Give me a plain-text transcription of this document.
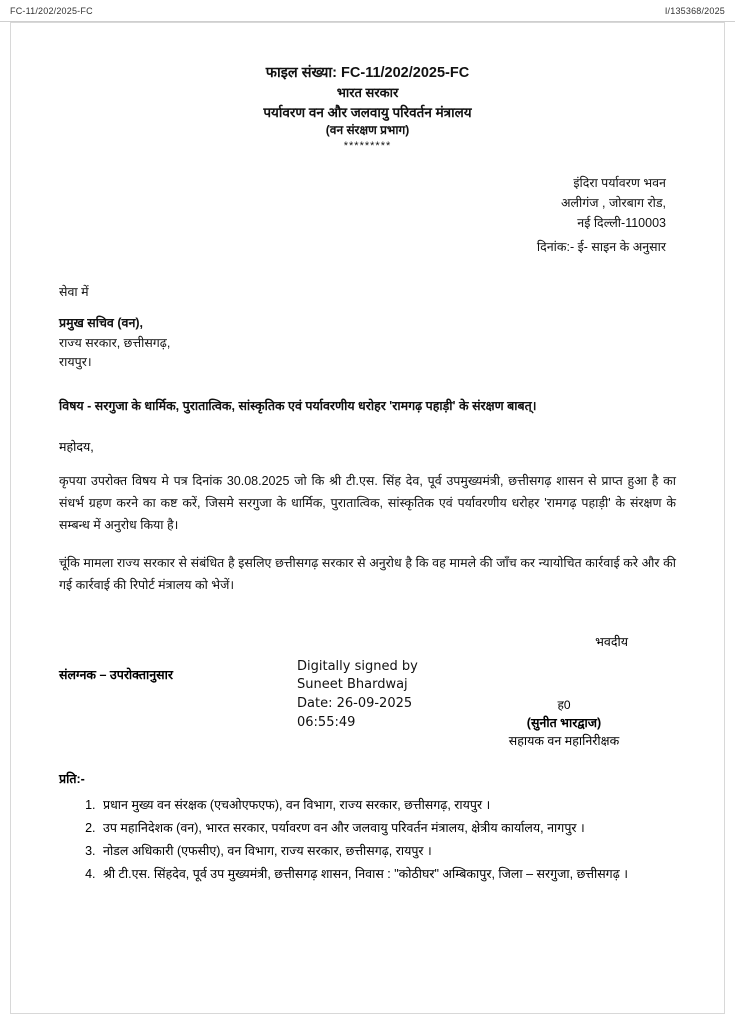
FC-11/202/2025-FC	I/135368/2025
फाइल संख्या: FC-11/202/2025-FC
भारत सरकार
पर्यावरण वन और जलवायु परिवर्तन मंत्रालय
(वन संरक्षण प्रभाग)
*********
इंदिरा पर्यावरण भवन
अलीगंज , जोरबाग रोड,
नई दिल्ली-110003
दिनांक:- ई- साइन के अनुसार
सेवा में
प्रमुख सचिव (वन),
राज्य सरकार, छत्तीसगढ़,
रायपुर।
विषय - सरगुजा के धार्मिक, पुरातात्विक, सांस्कृतिक एवं पर्यावरणीय धरोहर 'रामगढ़ पहाड़ी' के संरक्षण बाबत्।
महोदय,
कृपया उपरोक्त विषय मे पत्र दिनांक 30.08.2025 जो कि श्री टी.एस. सिंह देव, पूर्व उपमुख्यमंत्री, छत्तीसगढ़ शासन से प्राप्त हुआ है का संधर्भ ग्रहण करने का कष्ट करें, जिसमे सरगुजा के धार्मिक, पुरातात्विक, सांस्कृतिक एवं पर्यावरणीय धरोहर 'रामगढ़ पहाड़ी' के संरक्षण के सम्बन्ध में अनुरोध किया है।
चूंकि मामला राज्य सरकार से संबंधित है इसलिए छत्तीसगढ़ सरकार से अनुरोध है कि वह मामले की जाँच कर न्यायोचित कार्रवाई करे और की गई कार्रवाई की रिपोर्ट मंत्रालय को भेजें।
भवदीय
संलग्नक – उपरोक्तानुसार
Digitally signed by
Suneet Bhardwaj
Date: 26-09-2025
06:55:49
ह0
(सुनीत भारद्वाज)
सहायक वन महानिरीक्षक
प्रति:-
1. प्रधान मुख्य वन संरक्षक (एचओएफएफ), वन विभाग, राज्य सरकार, छत्तीसगढ़, रायपुर ।
2. उप महानिदेशक (वन), भारत सरकार, पर्यावरण वन और जलवायु परिवर्तन मंत्रालय, क्षेत्रीय कार्यालय, नागपुर ।
3. नोडल अधिकारी (एफसीए), वन विभाग, राज्य सरकार, छत्तीसगढ़, रायपुर ।
4. श्री टी.एस. सिंहदेव, पूर्व उप मुख्यमंत्री, छत्तीसगढ़ शासन, निवास : "कोठीघर" अम्बिकापुर, जिला – सरगुजा, छत्तीसगढ़ ।
